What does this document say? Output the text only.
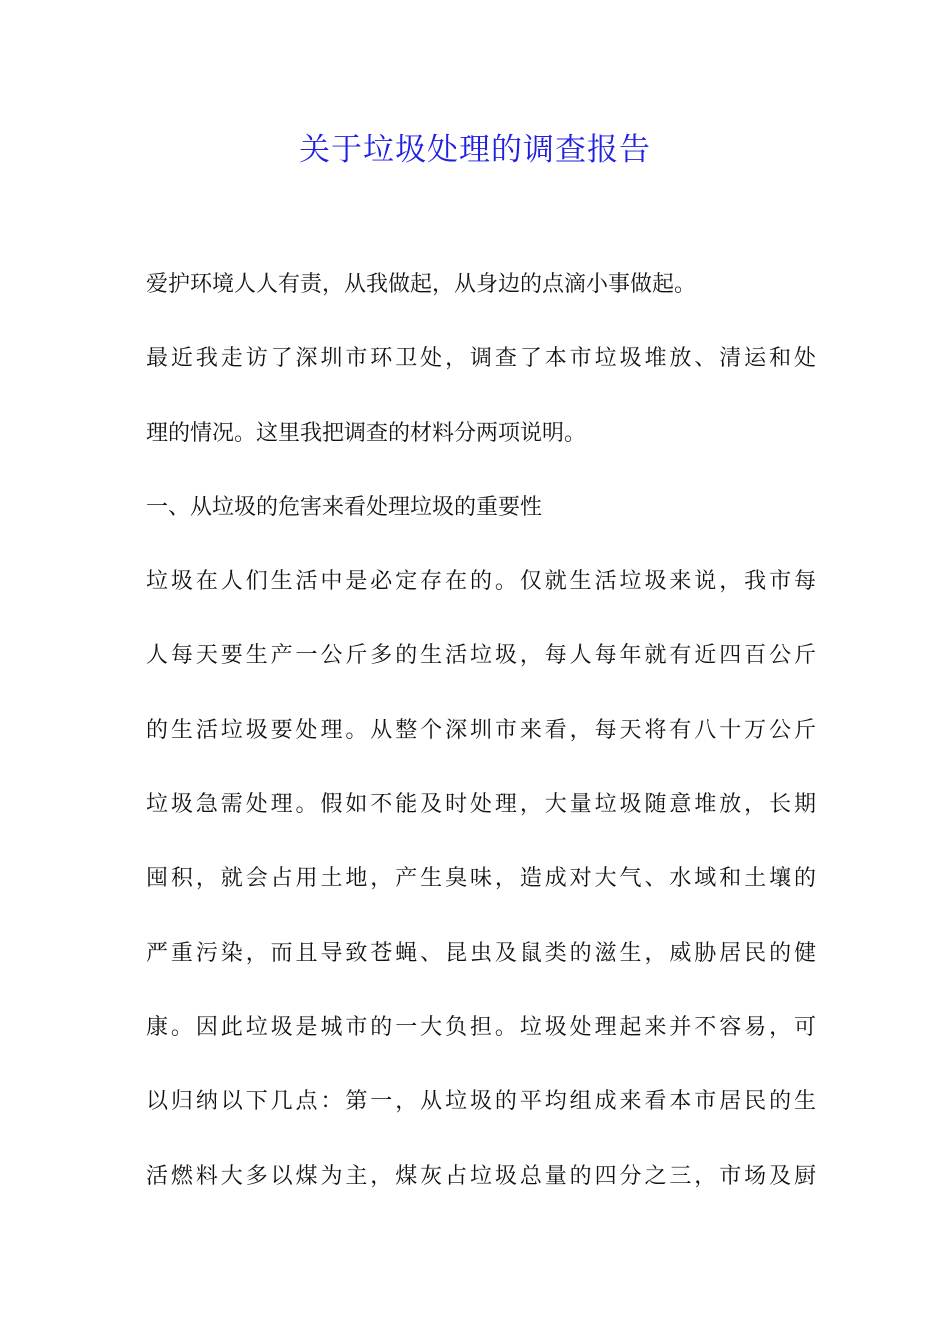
关于垃圾处理的调查报告
爱护环境人人有责，从我做起，从身边的点滴小事做起。
最近我走访了深圳市环卫处，调查了本市垃圾堆放、清运和处
理的情况。这里我把调查的材料分两项说明。
一、从垃圾的危害来看处理垃圾的重要性
垃圾在人们生活中是必定存在的。仅就生活垃圾来说，我市每
人每天要生产一公斤多的生活垃圾，每人每年就有近四百公斤
的生活垃圾要处理。从整个深圳市来看，每天将有八十万公斤
垃圾急需处理。假如不能及时处理，大量垃圾随意堆放，长期
囤积，就会占用土地，产生臭味，造成对大气、水域和土壤的
严重污染，而且导致苍蝇、昆虫及鼠类的滋生，威胁居民的健
康。因此垃圾是城市的一大负担。垃圾处理起来并不容易，可
以归纳以下几点：第一，从垃圾的平均组成来看本市居民的生
活燃料大多以煤为主，煤灰占垃圾总量的四分之三，市场及厨
